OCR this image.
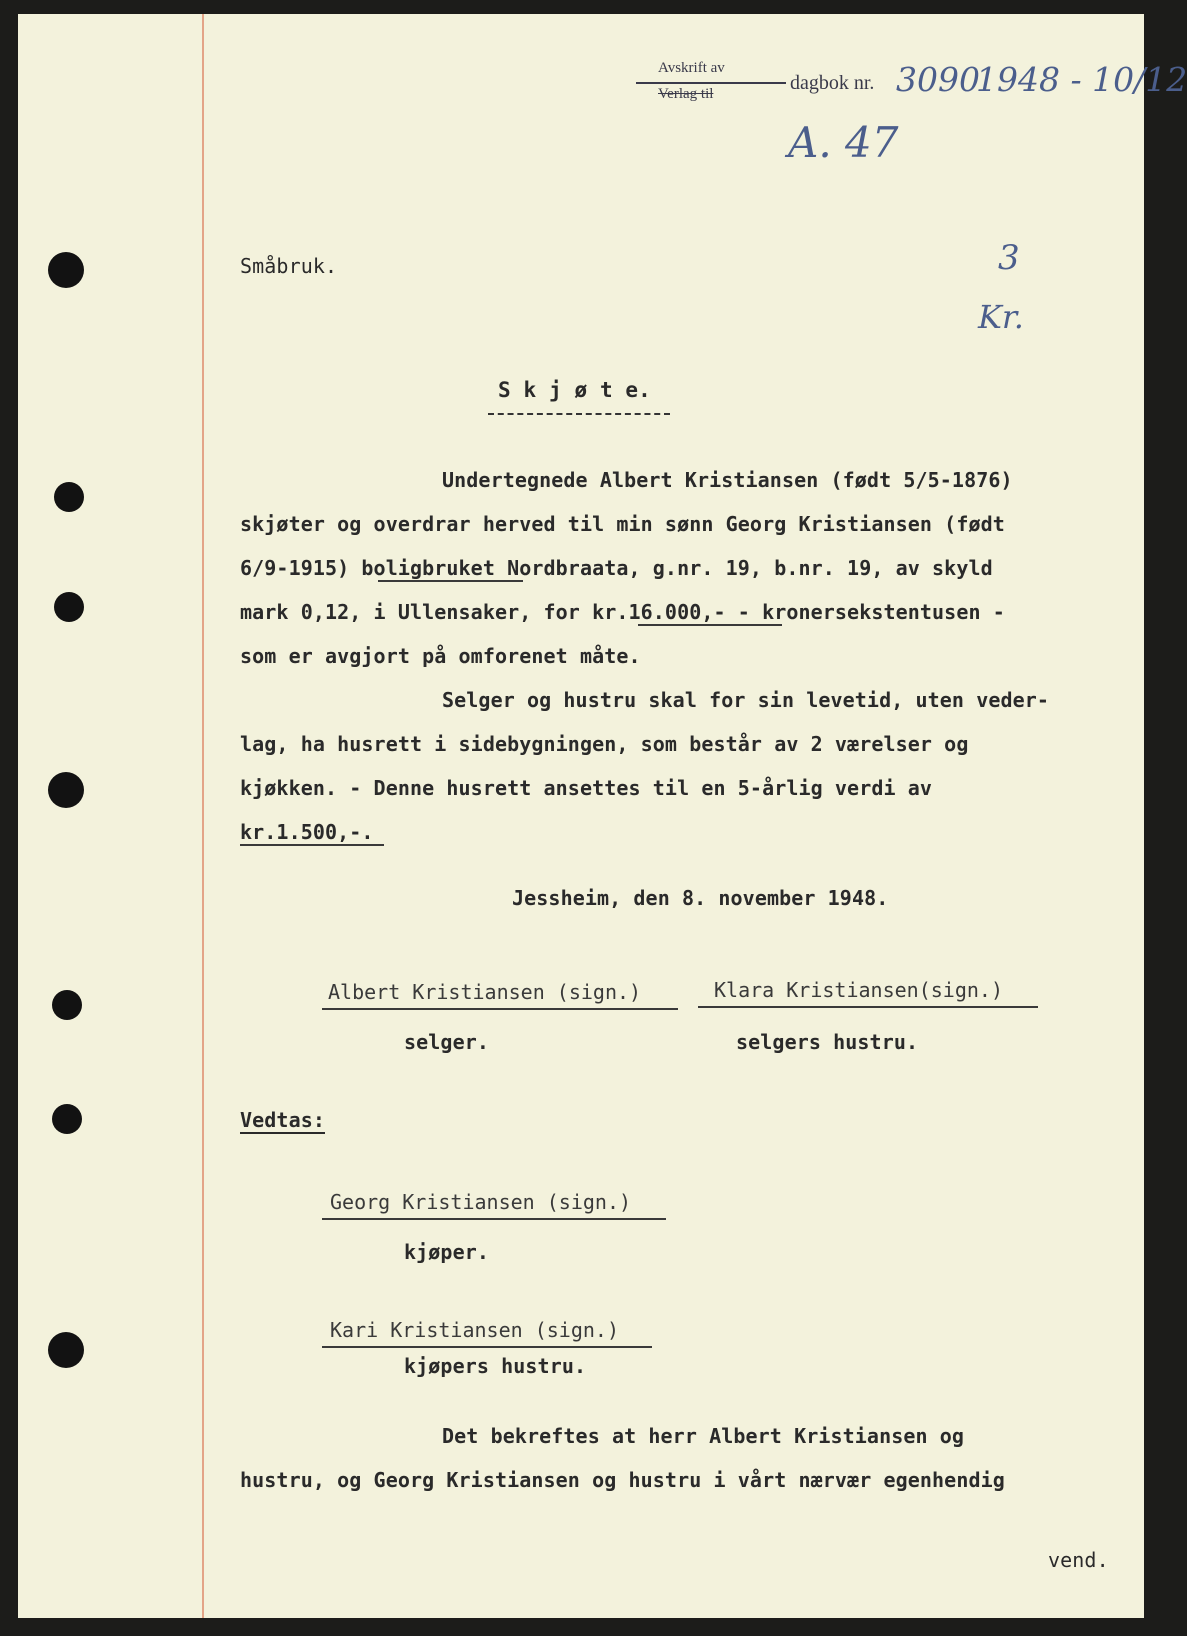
Avskrift av
Verlag til	dagbok nr. 3090
1948 - 10/12
A. 47
3
Kr.
Småbruk.
S k j ø t e.
Undertegnede Albert Kristiansen (født 5/5-1876)
skjøter og overdrar herved til min sønn Georg Kristiansen (født
6/9-1915) boligbruket Nordbraata, g.nr. 19, b.nr. 19, av skyld
mark 0,12, i Ullensaker, for kr.16.000,- - kronersekstentusen -
som er avgjort på omforenet måte.
Selger og hustru skal for sin levetid, uten veder-
lag, ha husrett i sidebygningen, som består av 2 værelser og
kjøkken. - Denne husrett ansettes til en 5-årlig verdi av
kr.1.500,-.
Jessheim, den 8. november 1948.
Albert Kristiansen (sign.)
selger.
Klara Kristiansen(sign.)
selgers hustru.
Vedtas:
Georg Kristiansen (sign.)
kjøper.
Kari Kristiansen (sign.)
kjøpers hustru.
Det bekreftes at herr Albert Kristiansen og
hustru, og Georg Kristiansen og hustru i vårt nærvær egenhendig
vend.
